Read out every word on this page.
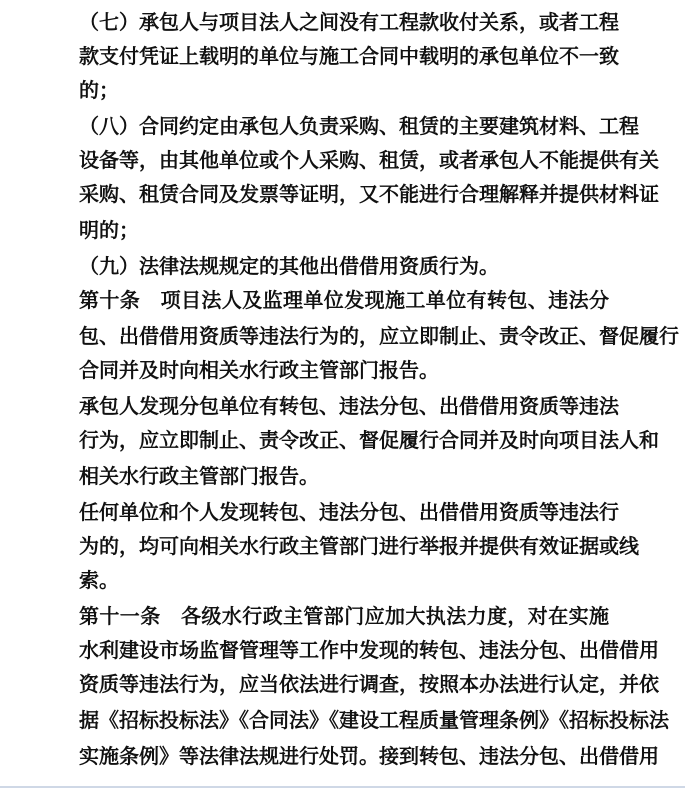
（七）承包人与项目法人之间没有工程款收付关系，或者工程
款支付凭证上载明的单位与施工合同中载明的承包单位不一致
的；
（八）合同约定由承包人负责采购、租赁的主要建筑材料、工程
设备等，由其他单位或个人采购、租赁，或者承包人不能提供有关
采购、租赁合同及发票等证明，又不能进行合理解释并提供材料证
明的；
（九）法律法规规定的其他出借借用资质行为。
第十条　项目法人及监理单位发现施工单位有转包、违法分
包、出借借用资质等违法行为的，应立即制止、责令改正、督促履行
合同并及时向相关水行政主管部门报告。
承包人发现分包单位有转包、违法分包、出借借用资质等违法
行为，应立即制止、责令改正、督促履行合同并及时向项目法人和
相关水行政主管部门报告。
任何单位和个人发现转包、违法分包、出借借用资质等违法行
为的，均可向相关水行政主管部门进行举报并提供有效证据或线
索。
第十一条　各级水行政主管部门应加大执法力度，对在实施
水利建设市场监督管理等工作中发现的转包、违法分包、出借借用
资质等违法行为，应当依法进行调查，按照本办法进行认定，并依
据《招标投标法》《合同法》《建设工程质量管理条例》《招标投标法
实施条例》等法律法规进行处罚。接到转包、违法分包、出借借用
